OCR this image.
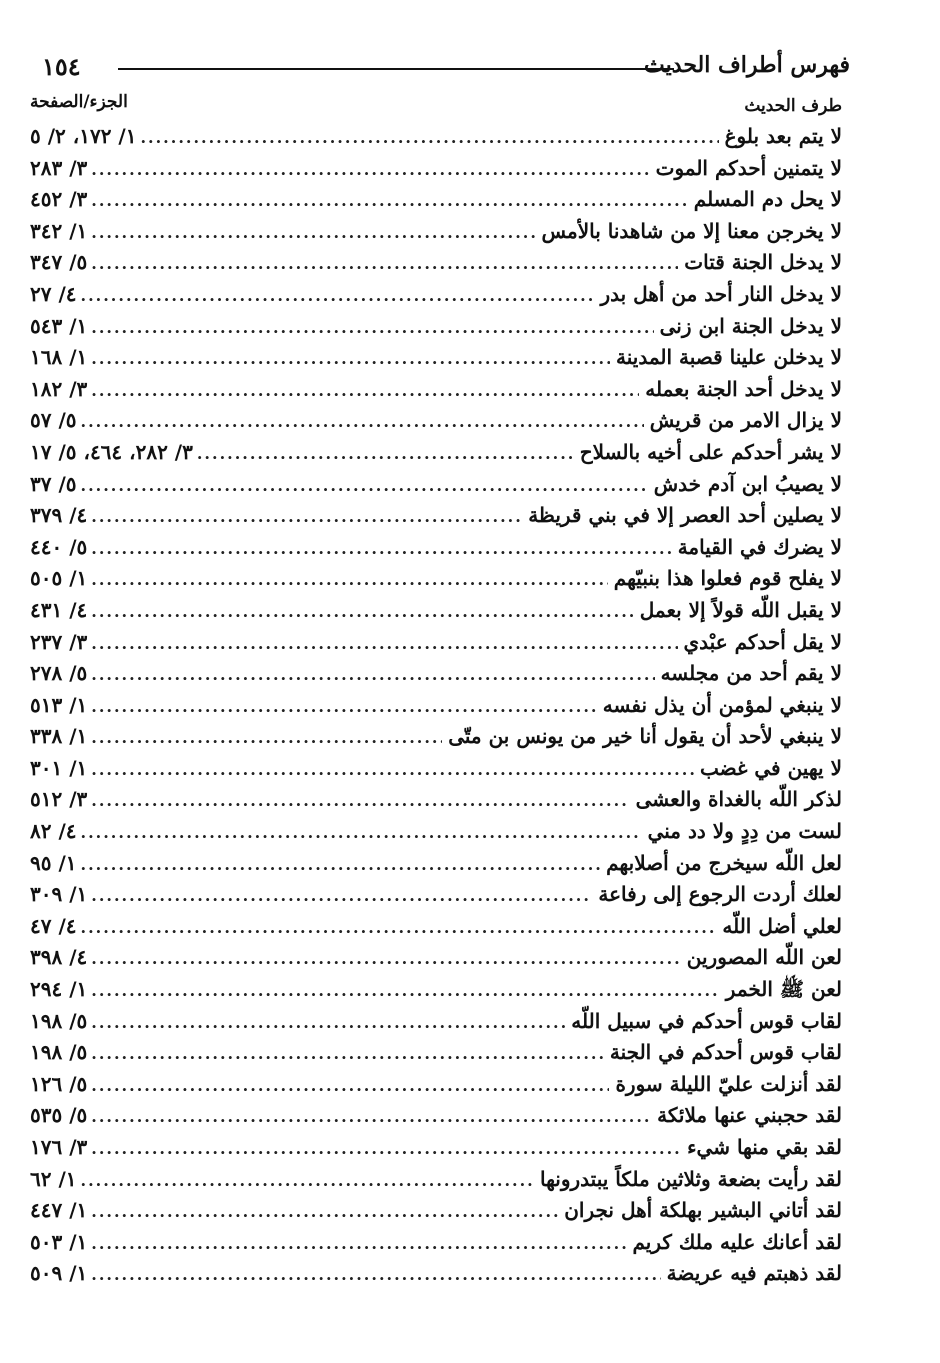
١٥٤	فهرس أطراف الحديث
الجزء/الصفحة	طرف الحديث
لا يتم بعد بلوغ
.....
١/ ١٧٢، ٢/ ٥
لا يتمنين أحدكم الموت
.....
٣/ ٢٨٣
لا يحل دم المسلم
.....
٣/ ٤٥٢
لا يخرجن معنا إلا من شاهدنا بالأمس
.....
١/ ٣٤٢
لا يدخل الجنة قتات
.....
٥/ ٣٤٧
لا يدخل النار أحد من أهل بدر
.....
٤/ ٢٧
لا يدخل الجنة ابن زنى
.....
١/ ٥٤٣
لا يدخلن علينا قصبة المدينة
.....
١/ ١٦٨
لا يدخل أحد الجنة بعمله
.....
٣/ ١٨٢
لا يزال الامر من قريش
.....
٥/ ٥٧
لا يشر أحدكم على أخيه بالسلاح
.....
٣/ ٢٨٢، ٤٦٤، ٥/ ١٧
لا يصيبُ ابن آدم خدش
.....
٥/ ٣٧
لا يصلين أحد العصر إلا في بني قريظة
.....
٤/ ٣٧٩
لا يضرك في القيامة
.....
٥/ ٤٤٠
لا يفلح قوم فعلوا هذا بنبيّهم
.....
١/ ٥٠٥
لا يقبل اللّه قولاً إلا بعمل
.....
٤/ ٤٣١
لا يقل أحدكم عبْدي
.....
٣/ ٢٣٧
لا يقم أحد من مجلسه
.....
٥/ ٢٧٨
لا ينبغي لمؤمن أن يذل نفسه
.....
١/ ٥١٣
لا ينبغي لأحد أن يقول أنا خير من يونس بن متّى
.....
١/ ٣٣٨
لا يهين في غضب
.....
١/ ٣٠١
لذكر اللّه بالغداة والعشى
.....
٣/ ٥١٢
لست من دِدٍ ولا دد مني
.....
٤/ ٨٢
لعل اللّه سيخرج من أصلابهم
.....
١/ ٩٥
لعلك أردت الرجوع إلى رفاعة
.....
١/ ٣٠٩
لعلي أضل اللّه
.....
٤/ ٤٧
لعن اللّه المصورين
.....
٤/ ٣٩٨
لعن ﷺ الخمر
.....
١/ ٢٩٤
لقاب قوس أحدكم في سبيل اللّه
.....
٥/ ١٩٨
لقاب قوس أحدكم في الجنة
.....
٥/ ١٩٨
لقد أنزلت عليّ الليلة سورة
.....
٥/ ١٢٦
لقد حجبني عنها ملائكة
.....
٥/ ٥٣٥
لقد بقي منها شيء
.....
٣/ ١٧٦
لقد رأيت بضعة وثلاثين ملكاً يبتدرونها
.....
١/ ٦٢
لقد أتاني البشير بهلكة أهل نجران
.....
١/ ٤٤٧
لقد أعانك عليه ملك كريم
.....
١/ ٥٠٣
لقد ذهبتم فيه عريضة
.....
١/ ٥٠٩
